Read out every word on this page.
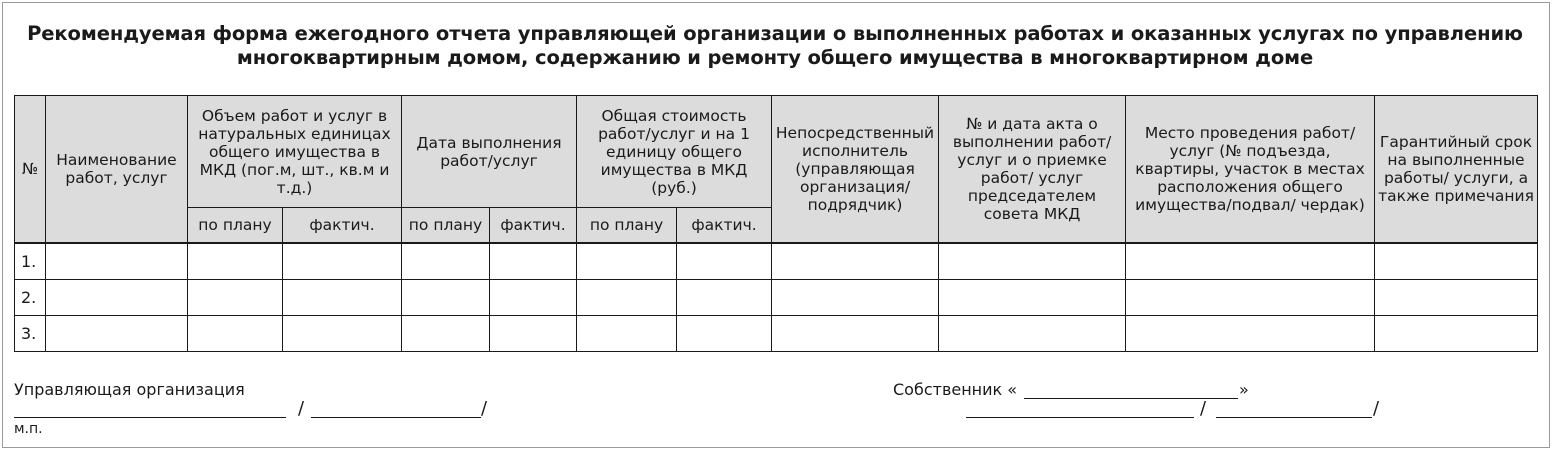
Рекомендуемая форма ежегодного отчета управляющей организации о выполненных работах и оказанных услугах по управлению
многоквартирным домом, содержанию и ремонту общего имущества в многоквартирном доме
№	Наименование работ, услуг	Объем работ и услуг в натуральных единицах общего имущества в МКД (пог.м, шт., кв.м и т.д.)		Дата выполнения работ/услуг		Общая стоимость работ/услуг и на 1 единицу общего имущества в МКД (руб.)		Непосредственный исполнитель (управляющая организация/подрядчик)	№ и дата акта о выполнении работ/ услуг и о приемке работ/ услуг председателем совета МКД	Место проведения работ/услуг (№ подъезда, квартиры, участок в местах расположения общего имущества/подвал/ чердак)	Гарантийный срок на выполненные работы/ услуги, а также примечания
		по плану	фактич.	по плану	фактич.	по плану	фактич.				
1.											
2.											
3.											
Управляющая организация
/	/
м.п.
Собственник «	»
/	/
